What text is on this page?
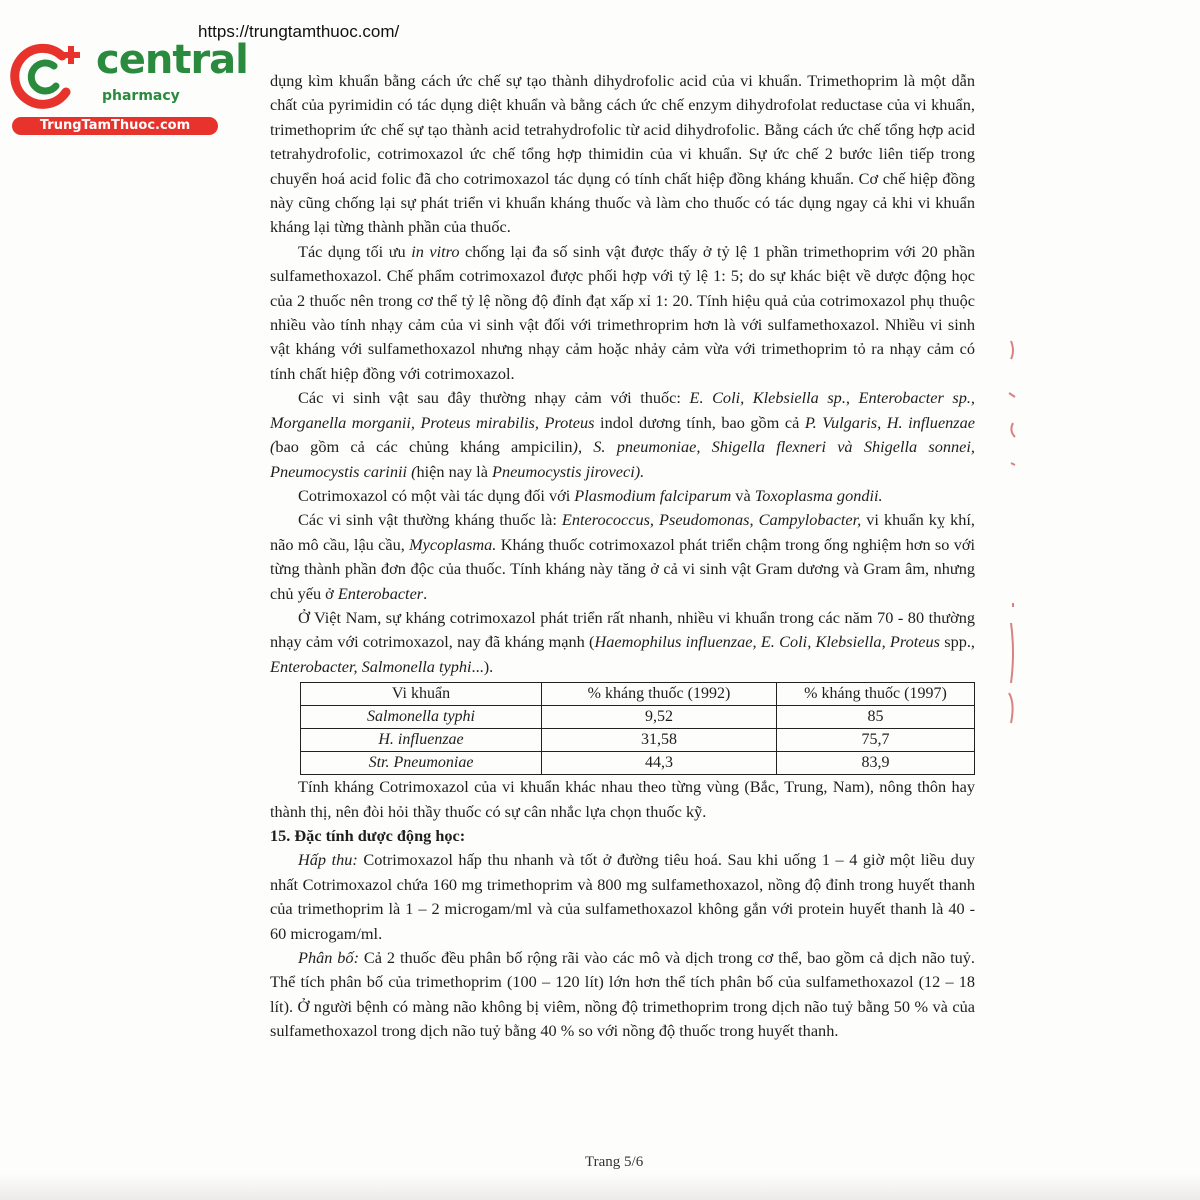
central
pharmacy
TrungTamThuoc.com
https://trungtamthuoc.com/

dụng kìm khuẩn bằng cách ức chế sự tạo thành dihydrofolic acid của vi khuẩn. Trimethoprim là một dẫn chất của pyrimidin có tác dụng diệt khuẩn và bằng cách ức chế enzym dihydrofolat reductase của vi khuẩn, trimethoprim ức chế sự tạo thành acid tetrahydrofolic từ acid dihydrofolic. Bằng cách ức chế tổng hợp acid tetrahydrofolic, cotrimoxazol ức chế tổng hợp thimidin của vi khuẩn. Sự ức chế 2 bước liên tiếp trong chuyển hoá acid folic đã cho cotrimoxazol tác dụng có tính chất hiệp đồng kháng khuẩn. Cơ chế hiệp đồng này cũng chống lại sự phát triển vi khuẩn kháng thuốc và làm cho thuốc có tác dụng ngay cả khi vi khuẩn kháng lại từng thành phần của thuốc.

Tác dụng tối ưu in vitro chống lại đa số sinh vật được thấy ở tỷ lệ 1 phần trimethoprim với 20 phần sulfamethoxazol. Chế phẩm cotrimoxazol được phối hợp với tỷ lệ 1: 5; do sự khác biệt về dược động học của 2 thuốc nên trong cơ thể tỷ lệ nồng độ đỉnh đạt xấp xỉ 1: 20. Tính hiệu quả của cotrimoxazol phụ thuộc nhiều vào tính nhạy cảm của vi sinh vật đối với trimethroprim hơn là với sulfamethoxazol. Nhiều vi sinh vật kháng với sulfamethoxazol nhưng nhạy cảm hoặc nhảy cảm vừa với trimethoprim tỏ ra nhạy cảm có tính chất hiệp đồng với cotrimoxazol.

Các vi sinh vật sau đây thường nhạy cảm với thuốc: E. Coli, Klebsiella sp., Enterobacter sp., Morganella morganii, Proteus mirabilis, Proteus indol dương tính, bao gồm cả P. Vulgaris, H. influenzae (bao gồm cả các chủng kháng ampicilin), S. pneumoniae, Shigella flexneri và Shigella sonnei, Pneumocystis carinii (hiện nay là Pneumocystis jiroveci).

Cotrimoxazol có một vài tác dụng đối với Plasmodium falciparum và Toxoplasma gondii.

Các vi sinh vật thường kháng thuốc là: Enterococcus, Pseudomonas, Campylobacter, vi khuẩn kỵ khí, não mô cầu, lậu cầu, Mycoplasma. Kháng thuốc cotrimoxazol phát triển chậm trong ống nghiệm hơn so với từng thành phần đơn độc của thuốc. Tính kháng này tăng ở cả vi sinh vật Gram dương và Gram âm, nhưng chủ yếu ở Enterobacter.

Ở Việt Nam, sự kháng cotrimoxazol phát triển rất nhanh, nhiều vi khuẩn trong các năm 70 - 80 thường nhạy cảm với cotrimoxazol, nay đã kháng mạnh (Haemophilus influenzae, E. Coli, Klebsiella, Proteus spp., Enterobacter, Salmonella typhi...).

Vi khuẩn	% kháng thuốc (1992)	% kháng thuốc (1997)
Salmonella typhi	9,52	85
H. influenzae	31,58	75,7
Str. Pneumoniae	44,3	83,9

Tính kháng Cotrimoxazol của vi khuẩn khác nhau theo từng vùng (Bắc, Trung, Nam), nông thôn hay thành thị, nên đòi hỏi thầy thuốc có sự cân nhắc lựa chọn thuốc kỹ.

15. Đặc tính dược động học:

Hấp thu: Cotrimoxazol hấp thu nhanh và tốt ở đường tiêu hoá. Sau khi uống 1 – 4 giờ một liều duy nhất Cotrimoxazol chứa 160 mg trimethoprim và 800 mg sulfamethoxazol, nồng độ đỉnh trong huyết thanh của trimethoprim là 1 – 2 microgam/ml và của sulfamethoxazol không gắn với protein huyết thanh là 40 - 60 microgam/ml.

Phân bố: Cả 2 thuốc đều phân bố rộng rãi vào các mô và dịch trong cơ thể, bao gồm cả dịch não tuỷ. Thể tích phân bố của trimethoprim (100 – 120 lít) lớn hơn thể tích phân bố của sulfamethoxazol (12 – 18 lít). Ở người bệnh có màng não không bị viêm, nồng độ trimethoprim trong dịch não tuỷ bằng 50 % và của sulfamethoxazol trong dịch não tuỷ bằng 40 % so với nồng độ thuốc trong huyết thanh.

Trang 5/6
